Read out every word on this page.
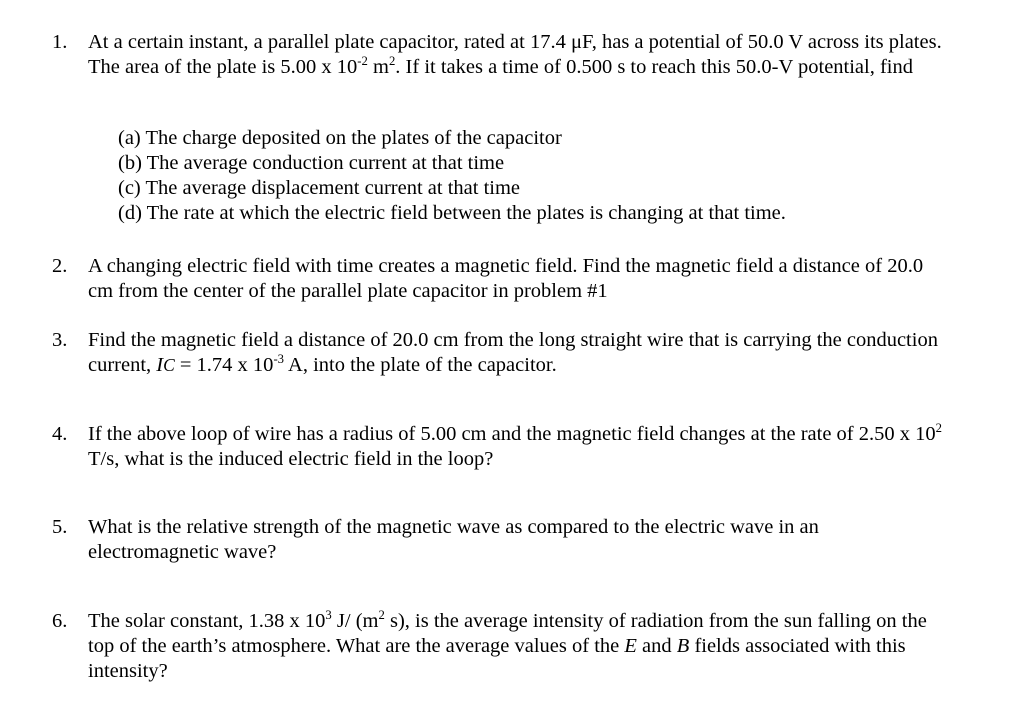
1.	At a certain instant, a parallel plate capacitor, rated at 17.4 μF, has a potential of 50.0 V across its plates. The area of the plate is 5.00 x $10^{-2}$ $m^2$. If it takes a time of 0.500 s to reach this 50.0-V potential, find
(a) The charge deposited on the plates of the capacitor
(b) The average conduction current at that time
(c) The average displacement current at that time
(d) The rate at which the electric field between the plates is changing at that time.
2.	A changing electric field with time creates a magnetic field. Find the magnetic field a distance of 20.0 cm from the center of the parallel plate capacitor in problem #1
3.	Find the magnetic field a distance of 20.0 cm from the long straight wire that is carrying the conduction current, IC = 1.74 x $10^{-3}$ A, into the plate of the capacitor.
4.	If the above loop of wire has a radius of 5.00 cm and the magnetic field changes at the rate of 2.50 x $10^2$ T/s, what is the induced electric field in the loop?
5.	What is the relative strength of the magnetic wave as compared to the electric wave in an electromagnetic wave?
6.	The solar constant, 1.38 x $10^3$ J/ ($m^2$ s), is the average intensity of radiation from the sun falling on the top of the earth’s atmosphere. What are the average values of the E and B fields associated with this intensity?
